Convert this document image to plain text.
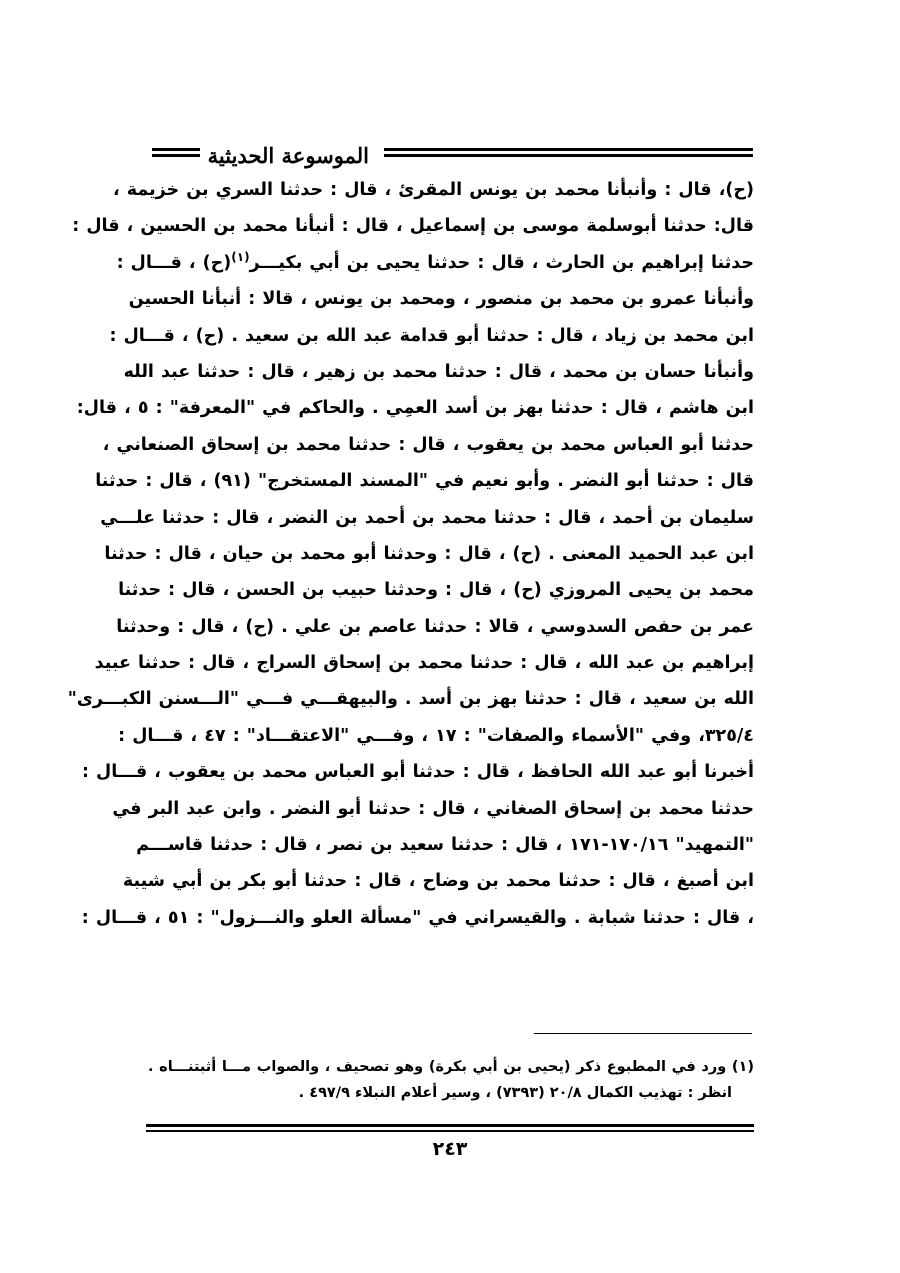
الموسوعة الحديثية
(ح)، قال : وأنبأنا محمد بن يونس المقرئ ، قال : حدثنا السري بن خزيمة ،
قال: حدثنا أبوسلمة موسى بن إسماعيل ، قال : أنبأنا محمد بن الحسين ، قال :
حدثنا إبراهيم بن الحارث ، قال : حدثنا يحيى بن أبي بكيـــر$^{(١)}$(ح) ، قـــال :
وأنبأنا عمرو بن محمد بن منصور ، ومحمد بن يونس ، قالا : أنبأنا الحسين
ابن محمد بن زياد ، قال : حدثنا أبو قدامة عبد الله بن سعيد . (ح) ، قـــال :
وأنبأنا حسان بن محمد ، قال : حدثنا محمد بن زهير ، قال : حدثنا عبد الله
ابن هاشم ، قال : حدثنا بهز بن أسد العمِي . والحاكم في "المعرفة" : ٥ ، قال:
حدثنا أبو العباس محمد بن يعقوب ، قال : حدثنا محمد بن إسحاق الصنعاني ،
قال : حدثنا أبو النضر . وأبو نعيم في "المسند المستخرج" (٩١) ، قال : حدثنا
سليمان بن أحمد ، قال : حدثنا محمد بن أحمد بن النضر ، قال : حدثنا علـــي
ابن عبد الحميد المعنى . (ح) ، قال : وحدثنا أبو محمد بن حيان ، قال : حدثنا
محمد بن يحيى المروزي (ح) ، قال : وحدثنا حبيب بن الحسن ، قال : حدثنا
عمر بن حفص السدوسي ، قالا : حدثنا عاصم بن علي . (ح) ، قال : وحدثنا
إبراهيم بن عبد الله ، قال : حدثنا محمد بن إسحاق السراج ، قال : حدثنا عبيد
الله بن سعيد ، قال : حدثنا بهز بن أسد . والبيهقـــي فـــي "الـــسنن الكبـــرى"
٣٢٥/٤، وفي "الأسماء والصفات" : ١٧ ، وفـــي "الاعتقـــاد" : ٤٧ ، قـــال :
أخبرنا أبو عبد الله الحافظ ، قال : حدثنا أبو العباس محمد بن يعقوب ، قـــال :
حدثنا محمد بن إسحاق الصغاني ، قال : حدثنا أبو النضر . وابن عبد البر في
"التمهيد" ١٧٠/١٦-١٧١ ، قال : حدثنا سعيد بن نصر ، قال : حدثنا قاســـم
ابن أصبغ ، قال : حدثنا محمد بن وضاح ، قال : حدثنا أبو بكر بن أبي شيبة
، قال : حدثنا شبابة . والقيسراني في "مسألة العلو والنـــزول" : ٥١ ، قـــال :
(١) ورد في المطبوع ذكر (يحيى بن أبي بكرة) وهو تصحيف ، والصواب مـــا أثبتنـــاه .
انظر : تهذيب الكمال ٢٠/٨ (٧٣٩٣) ، وسير أعلام النبلاء ٤٩٧/٩ .
٢٤٣
